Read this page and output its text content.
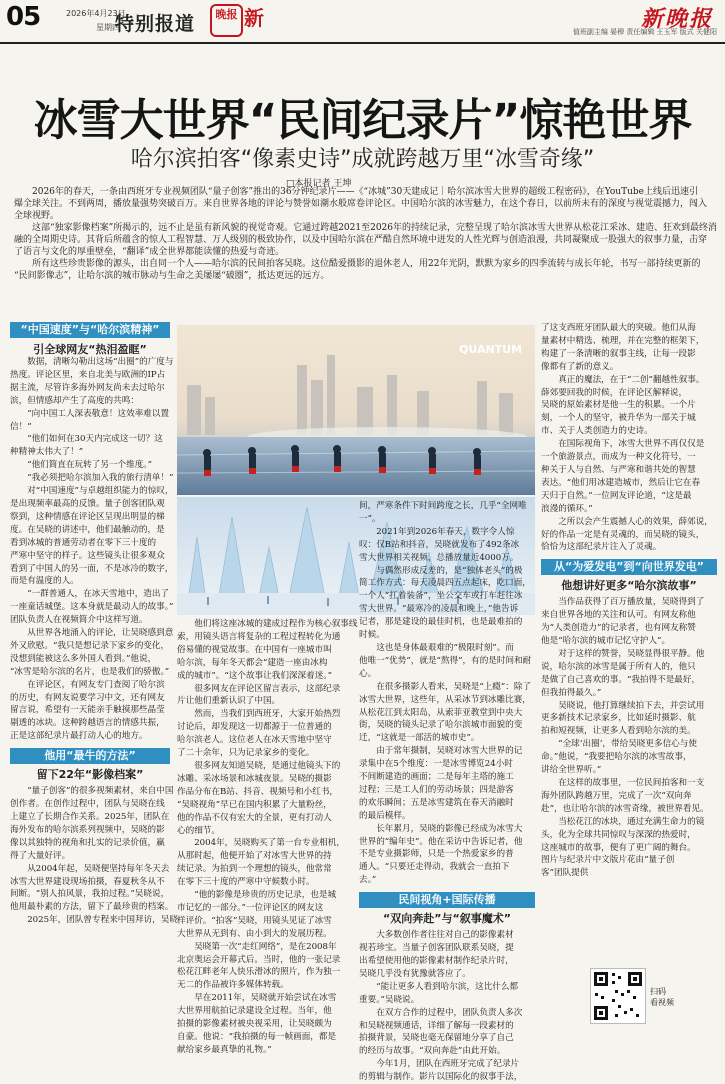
05	2026年4月23日
星期四
特别报道	晚报 新	新晚报
值班副主编 晏穆 责任编辑 王玉军 版式 关健阳
冰雪大世界“民间纪录片”惊艳世界
哈尔滨拍客“像素史诗”成就跨越万里“冰雪奇缘”
□本报记者 王坤

2026年的春天，一条由西班牙专业视频团队“量子创客”推出的36分钟纪录片——《“冰城”30天建成记｜哈尔滨冰雪大世界的超级工程密码》，在YouTube上线后迅速引

爆全球关注。不到两周，播放量强势突破百万。来自世界各地的评论与赞誉如潮水般席卷评论区。中国哈尔滨的冰雪魅力，在这个春日，以前所未有的深度与视觉震撼力，闯入

全球视野。

这部“独家影像档案”所揭示的，远不止是虽有新风貌的视觉奇观。它通过跨越2021至2026年的持续记录，完整呈现了哈尔滨冰雪大世界从松花江采冰、建造、狂欢到最终消

融的全周期史诗。其背后所蕴含的惊人工程智慧、万人级别的极致协作，以及中国哈尔滨在严酷自然环境中迸发的人性光辉与创造浪漫，共同凝聚成一股强大的叙事力量，击穿

了语言与文化的厚重壁垒，“翻译”成全世界都能读懂的热爱与奇迹。

所有这些珍贵影像的源头，出自同一个人——哈尔滨的民间拍客吴晓。这位酷爱摄影的退休老人，用22年光阴，默默为家乡的四季流转与成长年轮，书写一部持续更新的

“民间影像志”，让哈尔滨的城市脉动与生命之美屡屡“破圈”，抵达更远的远方。

“中国速度”与“哈尔滨精神”
引全球网友“热泪盈眶”

数据，清晰勾勒出这场“出圈”的广度与

热度。评论区里，来自北美与欧洲的IP占

据主流，尽管许多海外网友尚未去过哈尔

滨，但情感却产生了高度的共鸣：

“向中国工人深表敬意！这效率难以置

信！”

“他们如何在30天内完成这一切？这

种精神太伟大了！”

“他们简直在玩转了另一个维度。”

“我必须把哈尔滨加入我的旅行清单！”

对“中国速度”与卓越组织能力的惊叹，

是出现频率最高的反馈。量子创客团队观

察到，这种情感在评论区呈现出明显的梯

度。在吴晓的讲述中，他们最触动的，是

看到冰城的普通劳动者在零下三十度的

严寒中坚守的样子。这些镜头让很多观众

看到了中国人的另一面，不是冰冷的数字，

而是有温度的人。

“一群普通人，在冰天雪地中，造出了

一座童话城堡。这本身就是最动人的故事。”

团队负责人在视频简介中这样写道。

从世界各地涌入的评论，让吴晓感到意

外又欣慰。“我只是想记录下家乡的变化，

没想到能被这么多外国人看到。”他说，

“冰雪是哈尔滨的名片，也是我们的骄傲。”

在评论区，有网友专门查阅了哈尔滨

的历史，有网友说要学习中文，还有网友

留言说，希望有一天能亲手触摸那些晶莹

剔透的冰块。这种跨越语言的情感共振，

正是这部纪录片最打动人心的地方。

他用“最牛的方法”
留下22年“影像档案”

“量子创客”的很多视频素材，来自中国

创作者。在创作过程中，团队与吴晓在线

上建立了长期合作关系。2025年，团队在

海外发布的哈尔滨系列视频中，吴晓的影

像以其独特的视角和扎实的记录价值，赢

得了大量好评。

从2004年起，吴晓便坚持每年冬天去

冰雪大世界建设现场拍摄，春夏秋冬从不

间断。“别人拍风景，我拍过程。”吴晓说，

他用最朴素的方法，留下了最珍贵的档案。

2025年，团队曾专程来中国拜访，吴晓

QUANTUM

他们将这座冰城的建成过程作为核心叙事线

索，用镜头语言将复杂的工程过程转化为通

俗易懂的视觉故事。在中国有一座城市叫

哈尔滨，每年冬天都会“建造一座由冰构

成的城市”。“这个故事让我们深深着迷。”

很多网友在评论区留言表示，这部纪录

片让他们重新认识了中国。

然而，当我们到西班牙，大家开始热烈

讨论后，却发现这一切都源于一位普通的

哈尔滨老人。这位老人在冰天雪地中坚守

了二十余年，只为记录家乡的变化。

很多网友知道吴晓，是通过他镜头下的

冰雕、采冰场景和冰城夜景。吴晓的摄影

作品分布在B站、抖音、视频号和小红书，

“吴晓视角”早已在国内积累了大量粉丝，

他的作品不仅有宏大的全景，更有打动人

心的细节。

2004年，吴晓购买了第一台专业相机，

从那时起，他便开始了对冰雪大世界的持

续记录。为拍到一个理想的镜头，他常常

在零下三十度的严寒中守候数小时。

“他的影像是珍贵的历史记录，也是城

市记忆的一部分。”一位评论区的网友这

样评价。“拍客”吴晓，用镜头见证了冰雪

大世界从无到有、由小到大的发展历程。

吴晓第一次“走红网络”，是在2008年

北京奥运会开幕式后。当时，他的一张记录

松花江畔老年人快乐滑冰的照片，作为独一

无二的作品被许多媒体转载。

早在2011年，吴晓就开始尝试在冰雪

大世界用航拍记录建设全过程。当年，他

拍摄的影像素材被央视采用，让吴晓颇为

自豪。他说：“我拍摄的每一帧画面，都是

献给家乡最真挚的礼物。”

间，严寒条件下时间跨度之长，几乎“全网唯

一”。

2021年到2026年春天，数字令人惊

叹：仅B站和抖音，吴晓就发布了492条冰

雪大世界相关视频，总播放量近4000万。

与偶然形成反差的，是“独体老头”的极

简工作方式：每天凌晨四五点起床，吃口面，

一个人“扛着装备”，坐公交车或打车赶往冰

雪大世界。“最寒冷的凌晨和晚上，”他告诉

记者，那是建设的最佳时机，也是最难拍的

时候。

这也是身体最艰难的“极限时刻”。而

他唯一“优势”，就是“熬得”，有的是时间和耐

心。

在很多摄影人看来，吴晓是“上瘾”：除了

冰雪大世界，这些年，从采冰节到冰雕比赛，

从松花江到太阳岛，从索菲亚教堂到中央大

街，吴晓的镜头记录了哈尔滨城市面貌的变

迁，“这就是一部活的城市史”。

由于常年摄制，吴晓对冰雪大世界的记

录集中在5个维度：一是冰雪博览24小时

不间断建造的画面；二是每年主塔的施工

过程；三是工人们的劳动场景；四是游客

的欢乐瞬间；五是冰雪建筑在春天消融时

的最后模样。

长年累月，吴晓的影像已经成为冰雪大

世界的“编年史”。他在采访中告诉记者，他

不是专业摄影师，只是一个热爱家乡的普

通人。“只要还走得动，我就会一直拍下

去。”

民间视角+国际传播
“双向奔赴”与“叙事魔术”

大多数创作者往往对自己的影像素材

视若珍宝。当量子创客团队联系吴晓，提

出希望使用他的影像素材制作纪录片时，

吴晓几乎没有犹豫就答应了。

“能让更多人看到哈尔滨，这比什么都

重要。”吴晓说。

在双方合作的过程中，团队负责人多次

和吴晓视频通话，详细了解每一段素材的

拍摄背景，吴晓也毫无保留地分享了自己

的经历与故事。“双向奔赴”由此开始。

今年1月，团队在西班牙完成了纪录片

的剪辑与制作。影片以国际化的叙事手法，

了这支西班牙团队最大的突破。他们从海

量素材中精选、梳理，并在完整的框架下，

构建了一条清晰的叙事主线，让每一段影

像都有了新的意义。

真正的魔法，在于“二创”翻越性叙事。

薛郊要回我的时候，在评论区解释说，

吴晓的原始素材是他一生的积累。一个片

刻，一个人的坚守，被升华为一部关于城

市、关于人类创造力的史诗。

在国际视角下，冰雪大世界不再仅仅是

一个旅游景点，而成为一种文化符号，一

种关于人与自然、与严寒和谐共处的智慧

表达。“他们用冰建造城市，然后让它在春

天归于自然。”一位网友评论道，“这是最

浪漫的循环。”

之所以会产生震撼人心的效果，薛郊说，

好的作品一定是有灵魂的，而吴晓的镜头，

恰恰为这部纪录片注入了灵魂。

从“为爱发电”到“向世界发电”
他想讲好更多“哈尔滨故事”

当作品获得了百万播放量，吴晓得到了

来自世界各地的关注和认可。有网友称他

为“人类创造力”的记录者，也有网友称赞

他是“哈尔滨的城市记忆守护人”。

对于这样的赞誉，吴晓显得很平静。他

说，哈尔滨的冰雪是属于所有人的，他只

是做了自己喜欢的事。“我拍得不是最好，

但我拍得最久。”

吴晓说，他打算继续拍下去，并尝试用

更多新技术记录家乡，比如延时摄影、航

拍和短视频，让更多人看到哈尔滨的美。

“全球‘出圈’，带给吴晓更多信心与使

命。”他说，“我要把哈尔滨的冰雪故事，

讲给全世界听。”

在这样的故事里，一位民间拍客和一支

海外团队跨越万里，完成了一次“双向奔

赴”，也让哈尔滨的冰雪奇缘，被世界看见。

当松花江的冰块，通过充满生命力的镜

头，化为全球共同惊叹与深深的热爱时，

这座城市的故事，便有了更广阔的舞台。

图片与纪录片中文版片花由“量子创

客”团队提供

扫码
看视频
